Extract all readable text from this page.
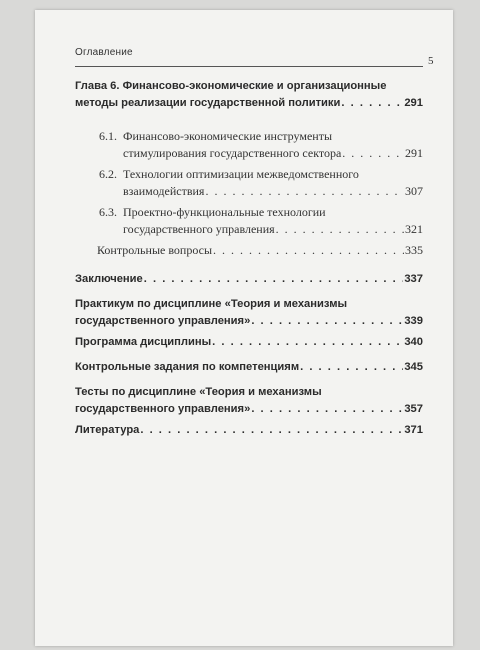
Оглавление
5
Глава 6. Финансово-экономические и организационные
методы реализации государственной политики . . .	291
6.1. Финансово-экономические инструменты
стимулирования государственного сектора . . .	291
6.2. Технологии оптимизации межведомственного
взаимодействия . . .	307
6.3. Проектно-функциональные технологии
государственного управления . . .	321
Контрольные вопросы . . .	335
Заключение . . .	337
Практикум по дисциплине «Теория и механизмы
государственного управления» . . .	339
Программа дисциплины . . .	340
Контрольные задания по компетенциям . . .	345
Тесты по дисциплине «Теория и механизмы
государственного управления» . . .	357
Литература . . .	371
